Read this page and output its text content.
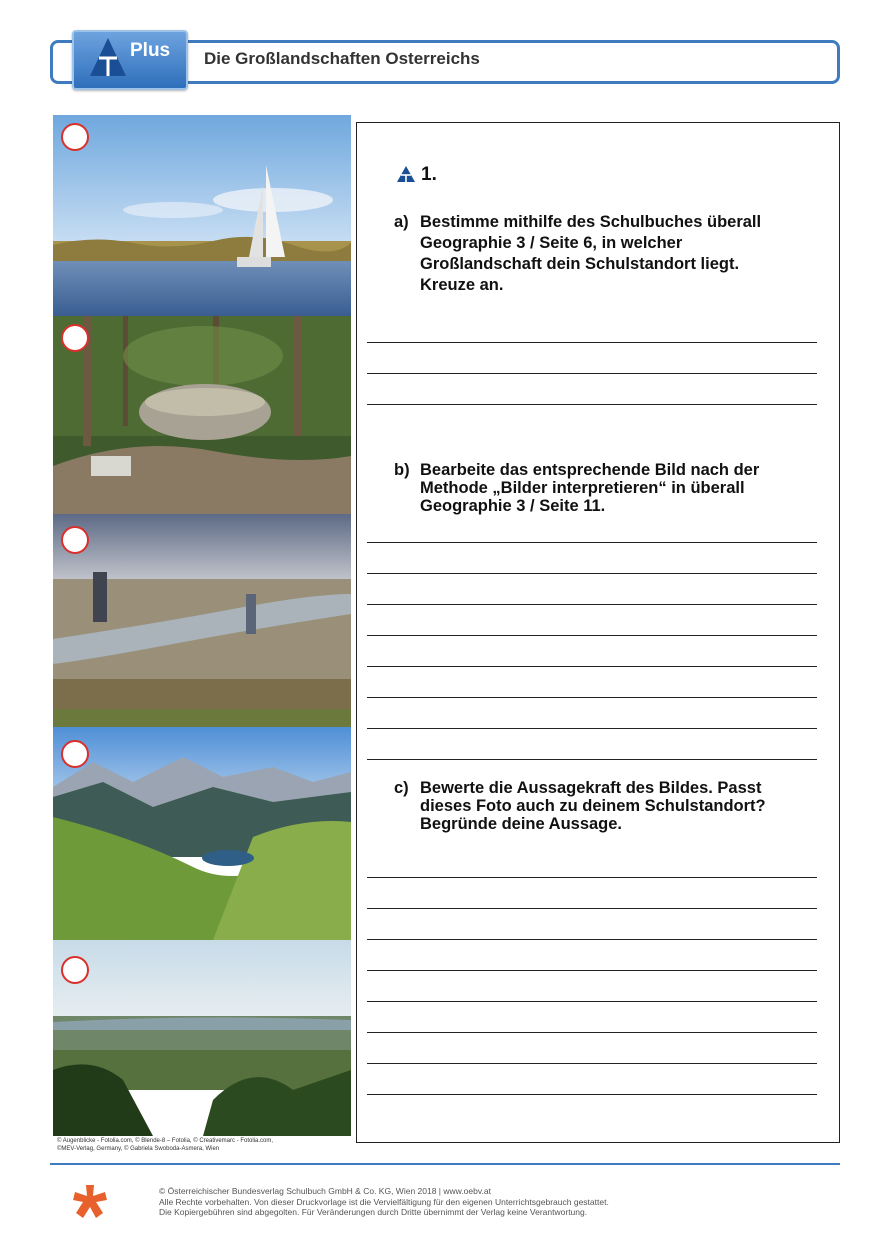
Plus Die Großlandschaften Osterreichs
© Augenblicke - Fotolia.com, © Blende-8 – Fotolia, © Creativemarc - Fotolia.com,
©MEV-Verlag, Germany, © Gabriela Swoboda-Asmera, Wien
1.
a) Bestimme mithilfe des Schulbuches überall
Geographie 3 / Seite 6, in welcher
Großlandschaft dein Schulstandort liegt.
Kreuze an.
b) Bearbeite das entsprechende Bild nach der
Methode „Bilder interpretieren“ in überall
Geographie 3 / Seite 11.
c) Bewerte die Aussagekraft des Bildes. Passt
dieses Foto auch zu deinem Schulstandort?
Begründe deine Aussage.
© Österreichischer Bundesverlag Schulbuch GmbH & Co. KG, Wien 2018 | www.oebv.at
Alle Rechte vorbehalten. Von dieser Druckvorlage ist die Vervielfältigung für den eigenen Unterrichtsgebrauch gestattet.
Die Kopiergebühren sind abgegolten. Für Veränderungen durch Dritte übernimmt der Verlag keine Verantwortung.
